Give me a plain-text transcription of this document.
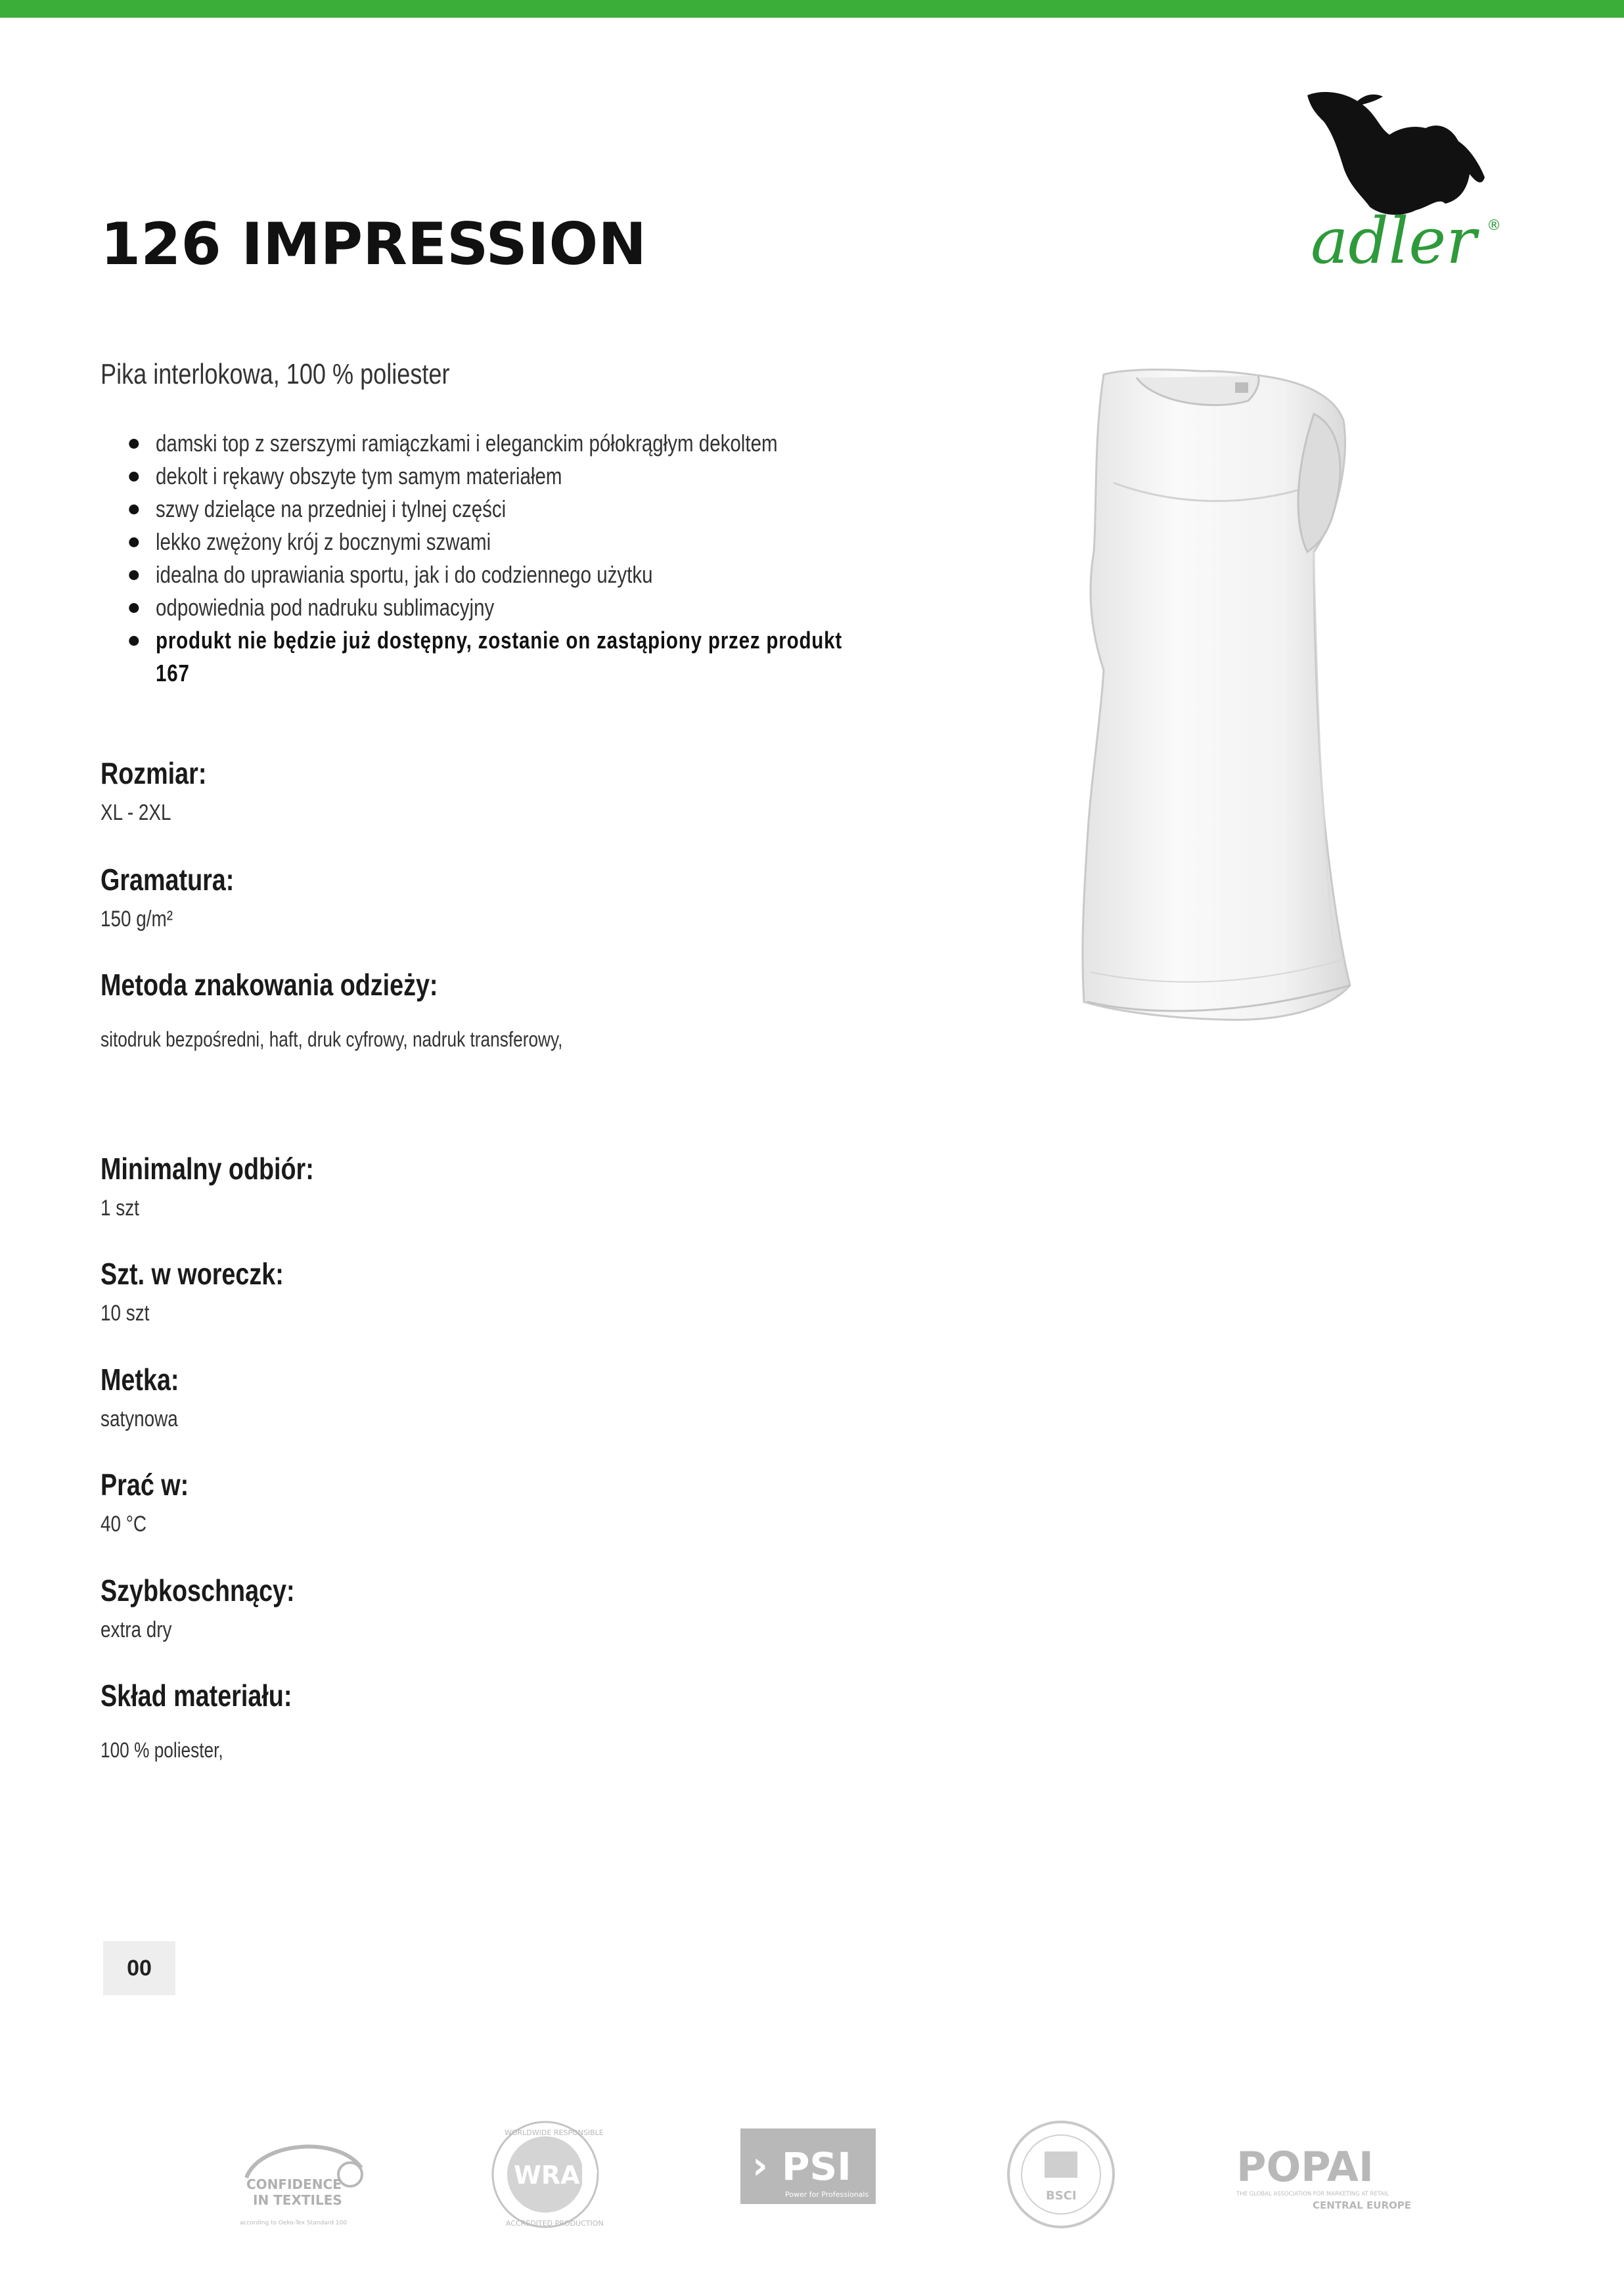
126 IMPRESSION	adler ®
Pika interlokowa, 100 % poliester
damski top z szerszymi ramiączkami i eleganckim półokrągłym dekoltem
dekolt i rękawy obszyte tym samym materiałem
szwy dzielące na przedniej i tylnej części
lekko zwężony krój z bocznymi szwami
idealna do uprawiania sportu, jak i do codziennego użytku
odpowiednia pod nadruku sublimacyjny
produkt nie będzie już dostępny, zostanie on zastąpiony przez produkt 167
Rozmiar:
XL - 2XL
Gramatura:
150 g/m²
Metoda znakowania odzieży:
sitodruk bezpośredni, haft, druk cyfrowy, nadruk transferowy,
Minimalny odbiór:
1 szt
Szt. w woreczk:
10 szt
Metka:
satynowa
Prać w:
40 °C
Szybkoschnący:
extra dry
Skład materiału:
100 % poliester,
00
CONFIDENCE
IN TEXTILES
according to Oeko-Tex Standard 100
WRAP
WORLDWIDE RESPONSIBLE
ACCREDITED PRODUCTION
› PSI
Power for Professionals	BSCI
POPAI
THE GLOBAL ASSOCIATION FOR MARKETING AT RETAIL
CENTRAL EUROPE
